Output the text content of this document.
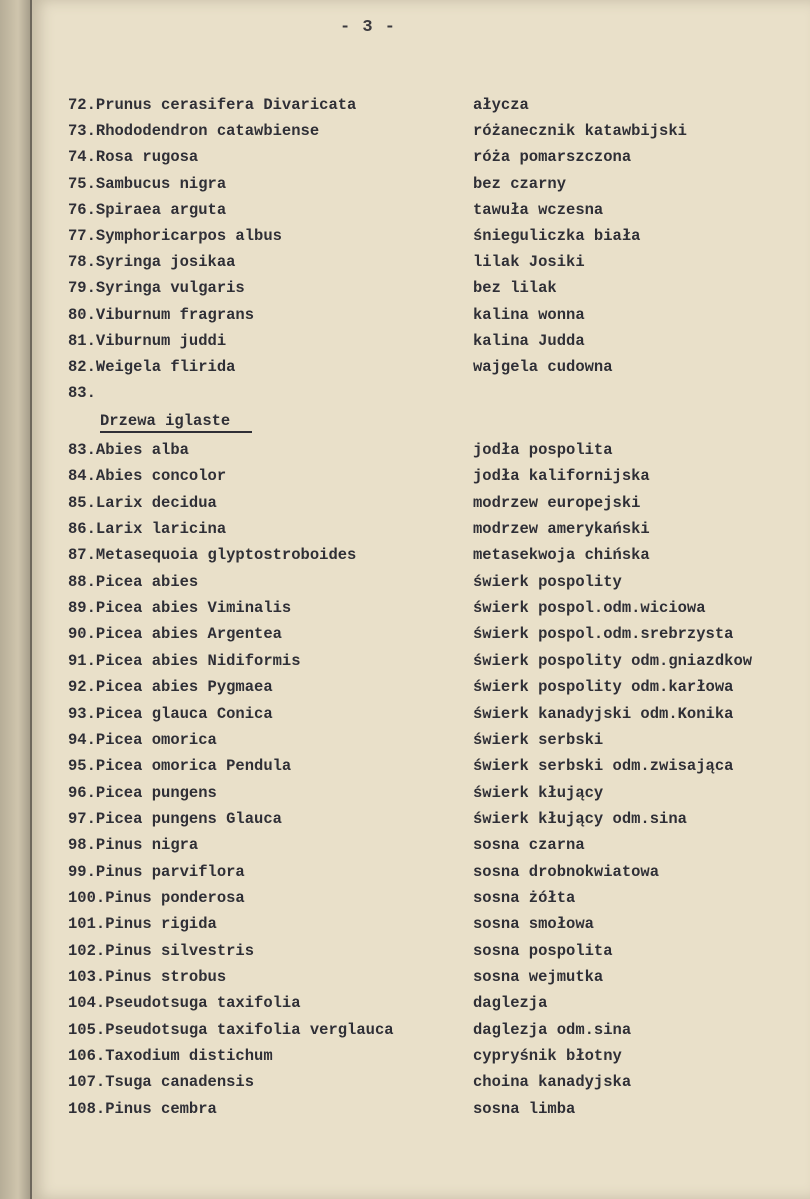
- 3 -
72.Prunus cerasifera Divaricata	ałycza
73.Rhododendron catawbiense	różanecznik katawbijski
74.Rosa rugosa	róża pomarszczona
75.Sambucus nigra	bez czarny
76.Spiraea arguta	tawuła wczesna
77.Symphoricarpos albus	śnieguliczka biała
78.Syringa josikaa	lilak Josiki
79.Syringa vulgaris	bez lilak
80.Viburnum fragrans	kalina wonna
81.Viburnum juddi	kalina Judda
82.Weigela flirida	wajgela cudowna
83.
Drzewa iglaste
83.Abies alba	jodła pospolita
84.Abies concolor	jodła kalifornijska
85.Larix decidua	modrzew europejski
86.Larix laricina	modrzew amerykański
87.Metasequoia glyptostroboides	metasekwoja chińska
88.Picea abies	świerk pospolity
89.Picea abies Viminalis	świerk pospol.odm.wiciowa
90.Picea abies Argentea	świerk pospol.odm.srebrzysta
91.Picea abies Nidiformis	świerk pospolity odm.gniazdkow
92.Picea abies Pygmaea	świerk pospolity odm.karłowa
93.Picea glauca Conica	świerk kanadyjski odm.Konika
94.Picea omorica	świerk serbski
95.Picea omorica Pendula	świerk serbski odm.zwisająca
96.Picea pungens	świerk kłujący
97.Picea pungens Glauca	świerk kłujący odm.sina
98.Pinus nigra	sosna czarna
99.Pinus parviflora	sosna drobnokwiatowa
100.Pinus ponderosa	sosna żółta
101.Pinus rigida	sosna smołowa
102.Pinus silvestris	sosna pospolita
103.Pinus strobus	sosna wejmutka
104.Pseudotsuga taxifolia	daglezja
105.Pseudotsuga taxifolia verglauca	daglezja odm.sina
106.Taxodium distichum	cypryśnik błotny
107.Tsuga canadensis	choina kanadyjska
108.Pinus cembra	sosna limba
